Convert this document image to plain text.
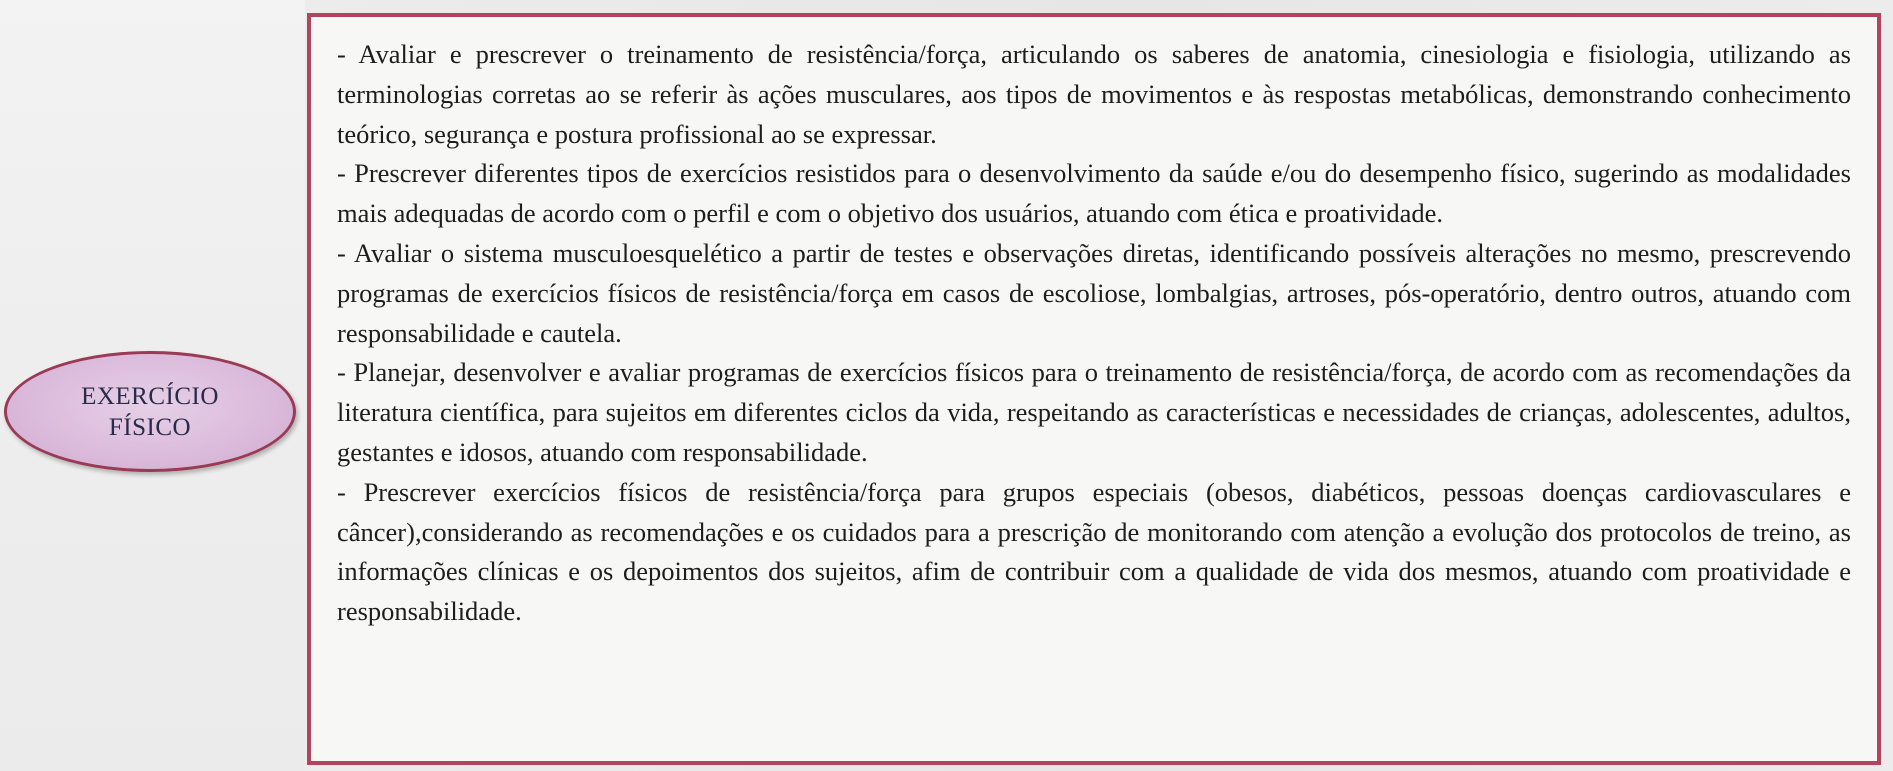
EXERCÍCIO
FÍSICO

- Avaliar e prescrever o treinamento de resistência/força, articulando os saberes de anatomia, cinesiologia e fisiologia, utilizando as terminologias corretas ao se referir às ações musculares, aos tipos de movimentos e às respostas metabólicas, demonstrando conhecimento teórico, segurança e postura profissional ao se expressar.

- Prescrever diferentes tipos de exercícios resistidos para o desenvolvimento da saúde e/ou do desempenho físico, sugerindo as modalidades mais adequadas de acordo com o perfil e com o objetivo dos usuários, atuando com ética e proatividade.

- Avaliar o sistema musculoesquelético a partir de testes e observações diretas, identificando possíveis alterações no mesmo, prescrevendo programas de exercícios físicos de resistência/força em casos de escoliose, lombalgias, artroses, pós-operatório, dentro outros, atuando com responsabilidade e cautela.

- Planejar, desenvolver e avaliar programas de exercícios físicos para o treinamento de resistência/força, de acordo com as recomendações da literatura científica, para sujeitos em diferentes ciclos da vida, respeitando as características e necessidades de crianças, adolescentes, adultos, gestantes e idosos, atuando com responsabilidade.

- Prescrever exercícios físicos de resistência/força para grupos especiais (obesos, diabéticos, pessoas doenças cardiovasculares e câncer),considerando as recomendações e os cuidados para a prescrição de monitorando com atenção a evolução dos protocolos de treino, as informações clínicas e os depoimentos dos sujeitos, afim de contribuir com a qualidade de vida dos mesmos, atuando com proatividade e responsabilidade.
